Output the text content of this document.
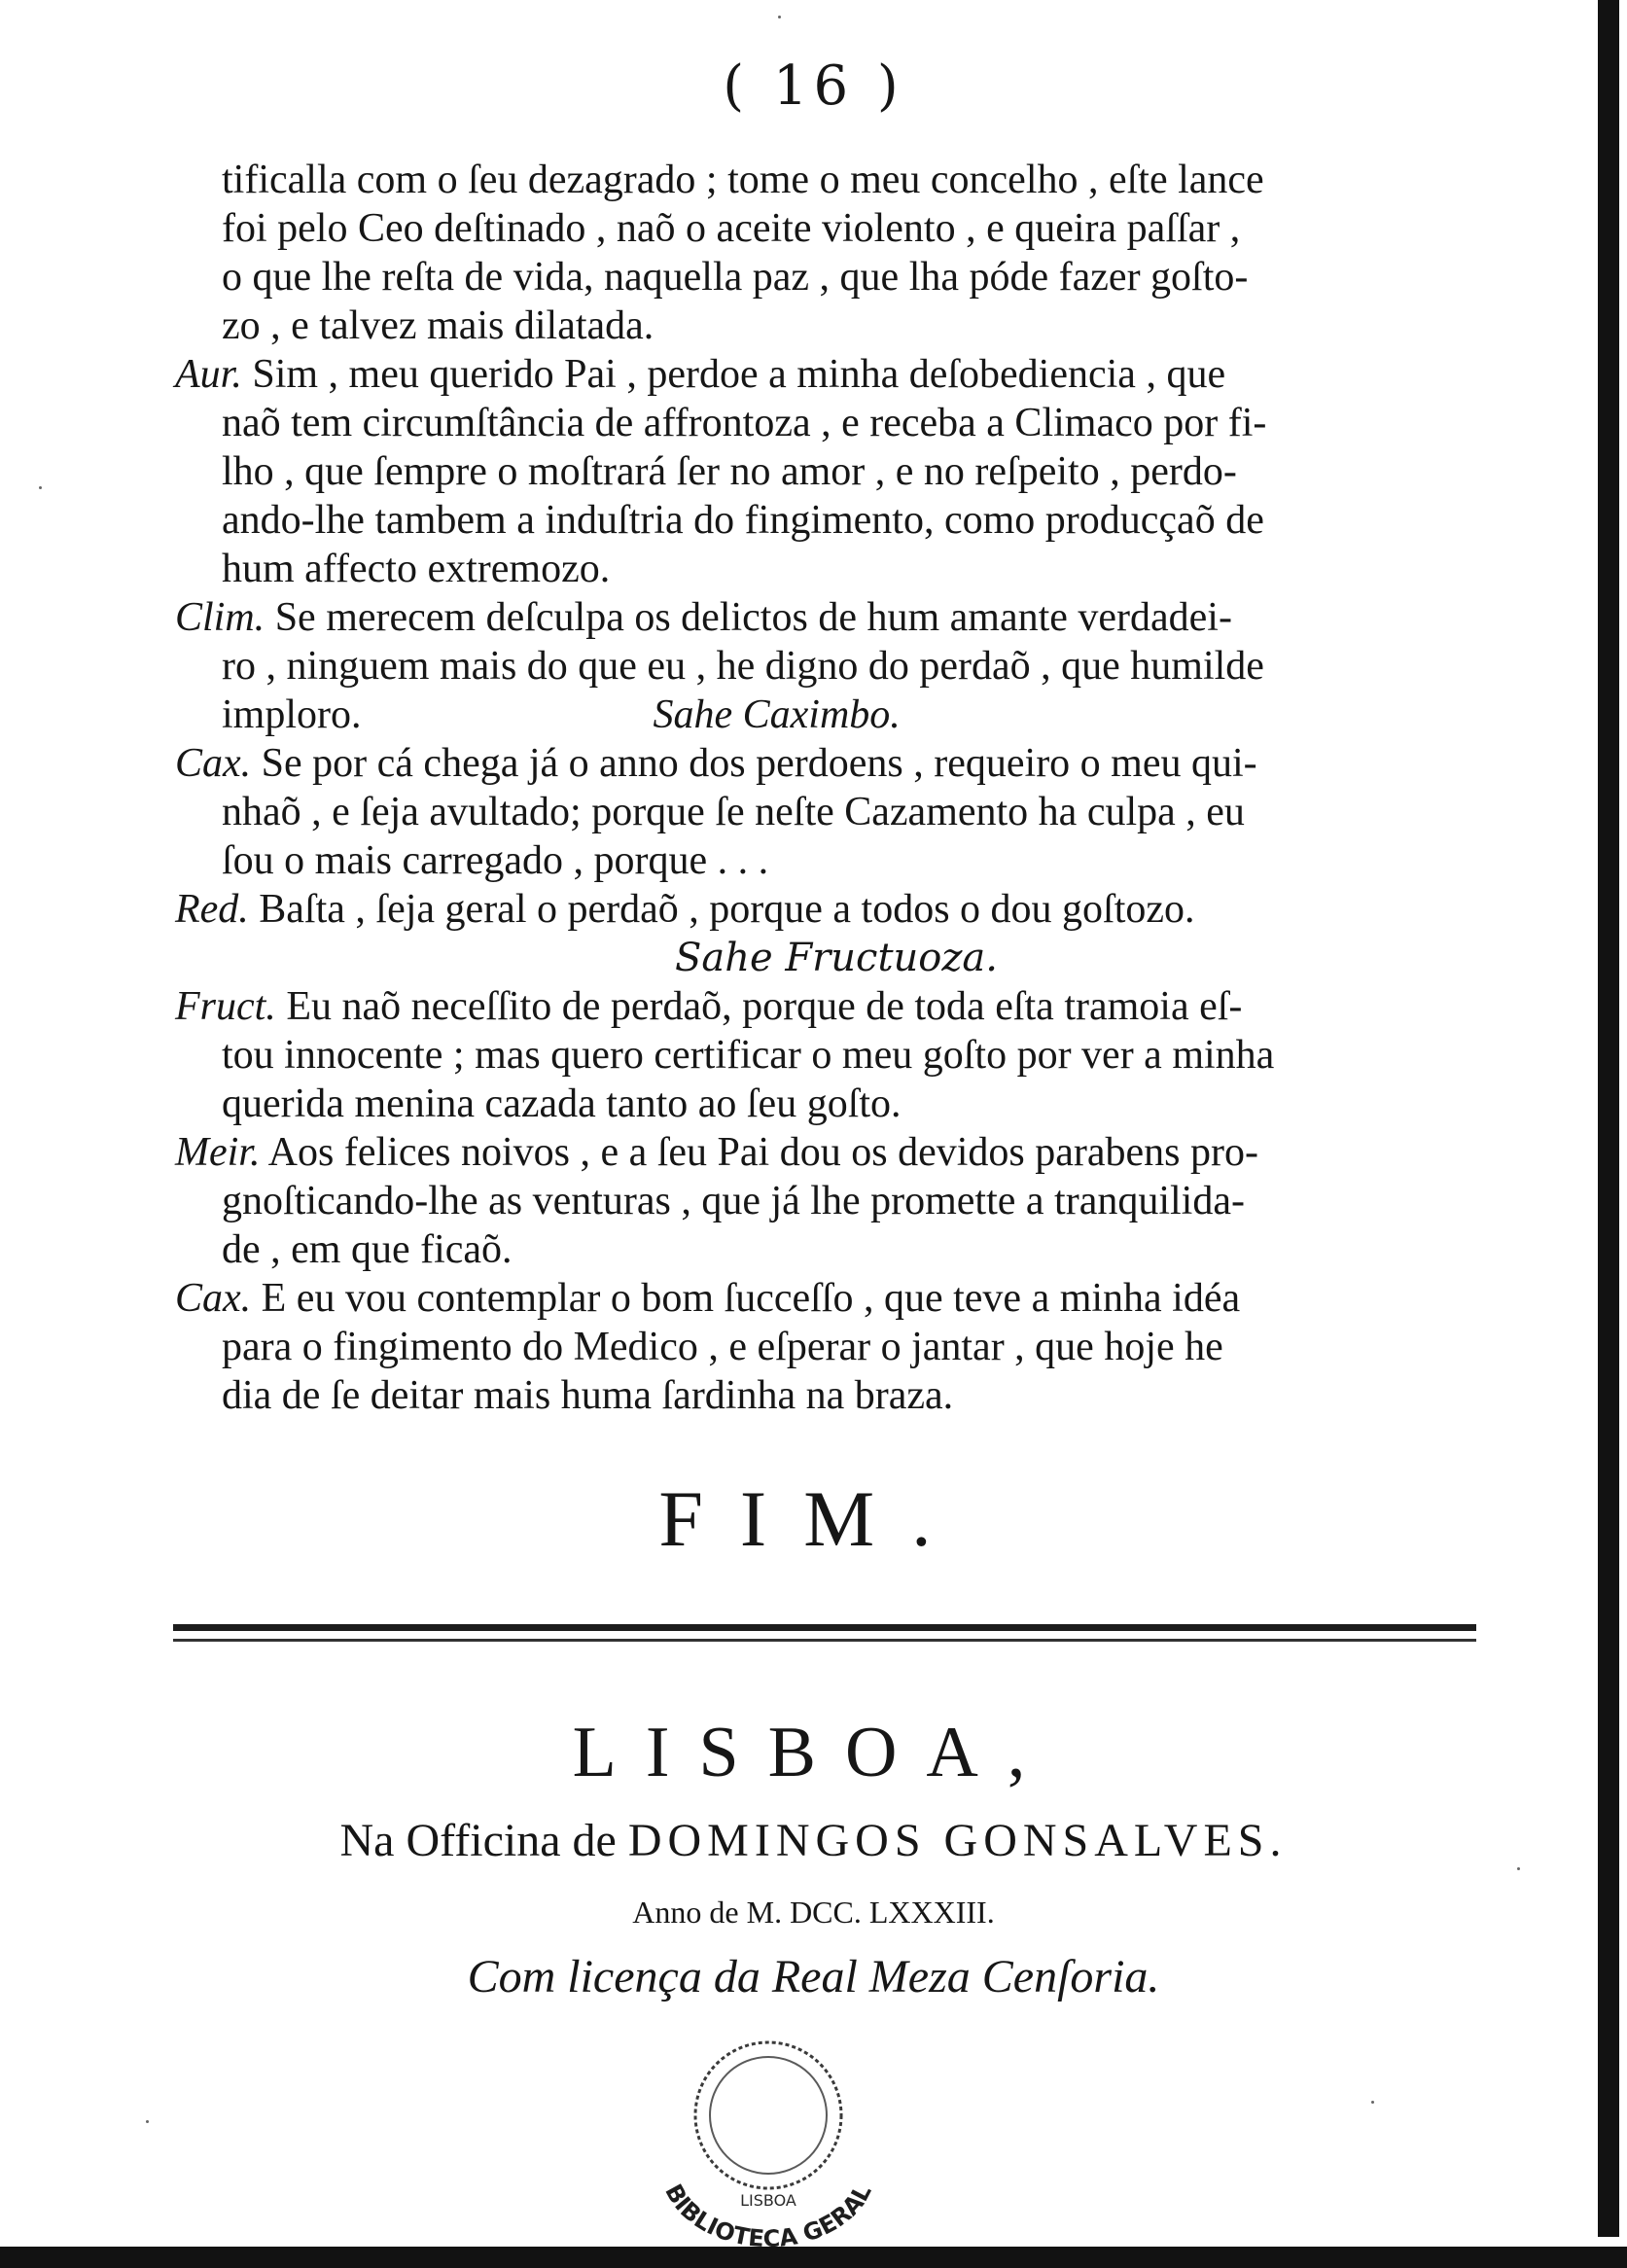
( 16 )
tificalla com o ſeu dezagrado ; tome o meu concelho , eſte lance
foi pelo Ceo deſtinado , naõ o aceite violento , e queira paſſar ,
o que lhe reſta de vida, naquella paz , que lha póde fazer goſto-
zo , e talvez mais dilatada.
Aur. Sim , meu querido Pai , perdoe a minha deſobediencia , que
naõ tem circumſtância de affrontoza , e receba a Climaco por fi-
lho , que ſempre o moſtrará ſer no amor , e no reſpeito , perdo-
ando-lhe tambem a induſtria do fingimento, como producçaõ de
hum affecto extremozo.
Clim. Se merecem deſculpa os delictos de hum amante verdadei-
ro , ninguem mais do que eu , he digno do perdaõ , que humilde
imploro.	Sahe Caximbo.
Cax. Se por cá chega já o anno dos perdoens , requeiro o meu qui-
nhaõ , e ſeja avultado; porque ſe neſte Cazamento ha culpa , eu
ſou o mais carregado , porque . . .
Red. Baſta , ſeja geral o perdaõ , porque a todos o dou goſtozo.
Sahe Fructuoza.
Fruct. Eu naõ neceſſito de perdaõ, porque de toda eſta tramoia eſ-
tou innocente ; mas quero certificar o meu goſto por ver a minha
querida menina cazada tanto ao ſeu goſto.
Meir. Aos felices noivos , e a ſeu Pai dou os devidos parabens pro-
gnoſticando-lhe as venturas , que já lhe promette a tranquilida-
de , em que ficaõ.
Cax. E eu vou contemplar o bom ſucceſſo , que teve a minha idéa
para o fingimento do Medico , e eſperar o jantar , que hoje he
dia de ſe deitar mais huma ſardinha na braza.
FIM.
LISBOA,
Na Officina de DOMINGOS GONSALVES.
Anno de M. DCC. LXXXIII.
Com licença da Real Meza Cenſoria.
LISBOA
BIBLIOTECA GERAL
